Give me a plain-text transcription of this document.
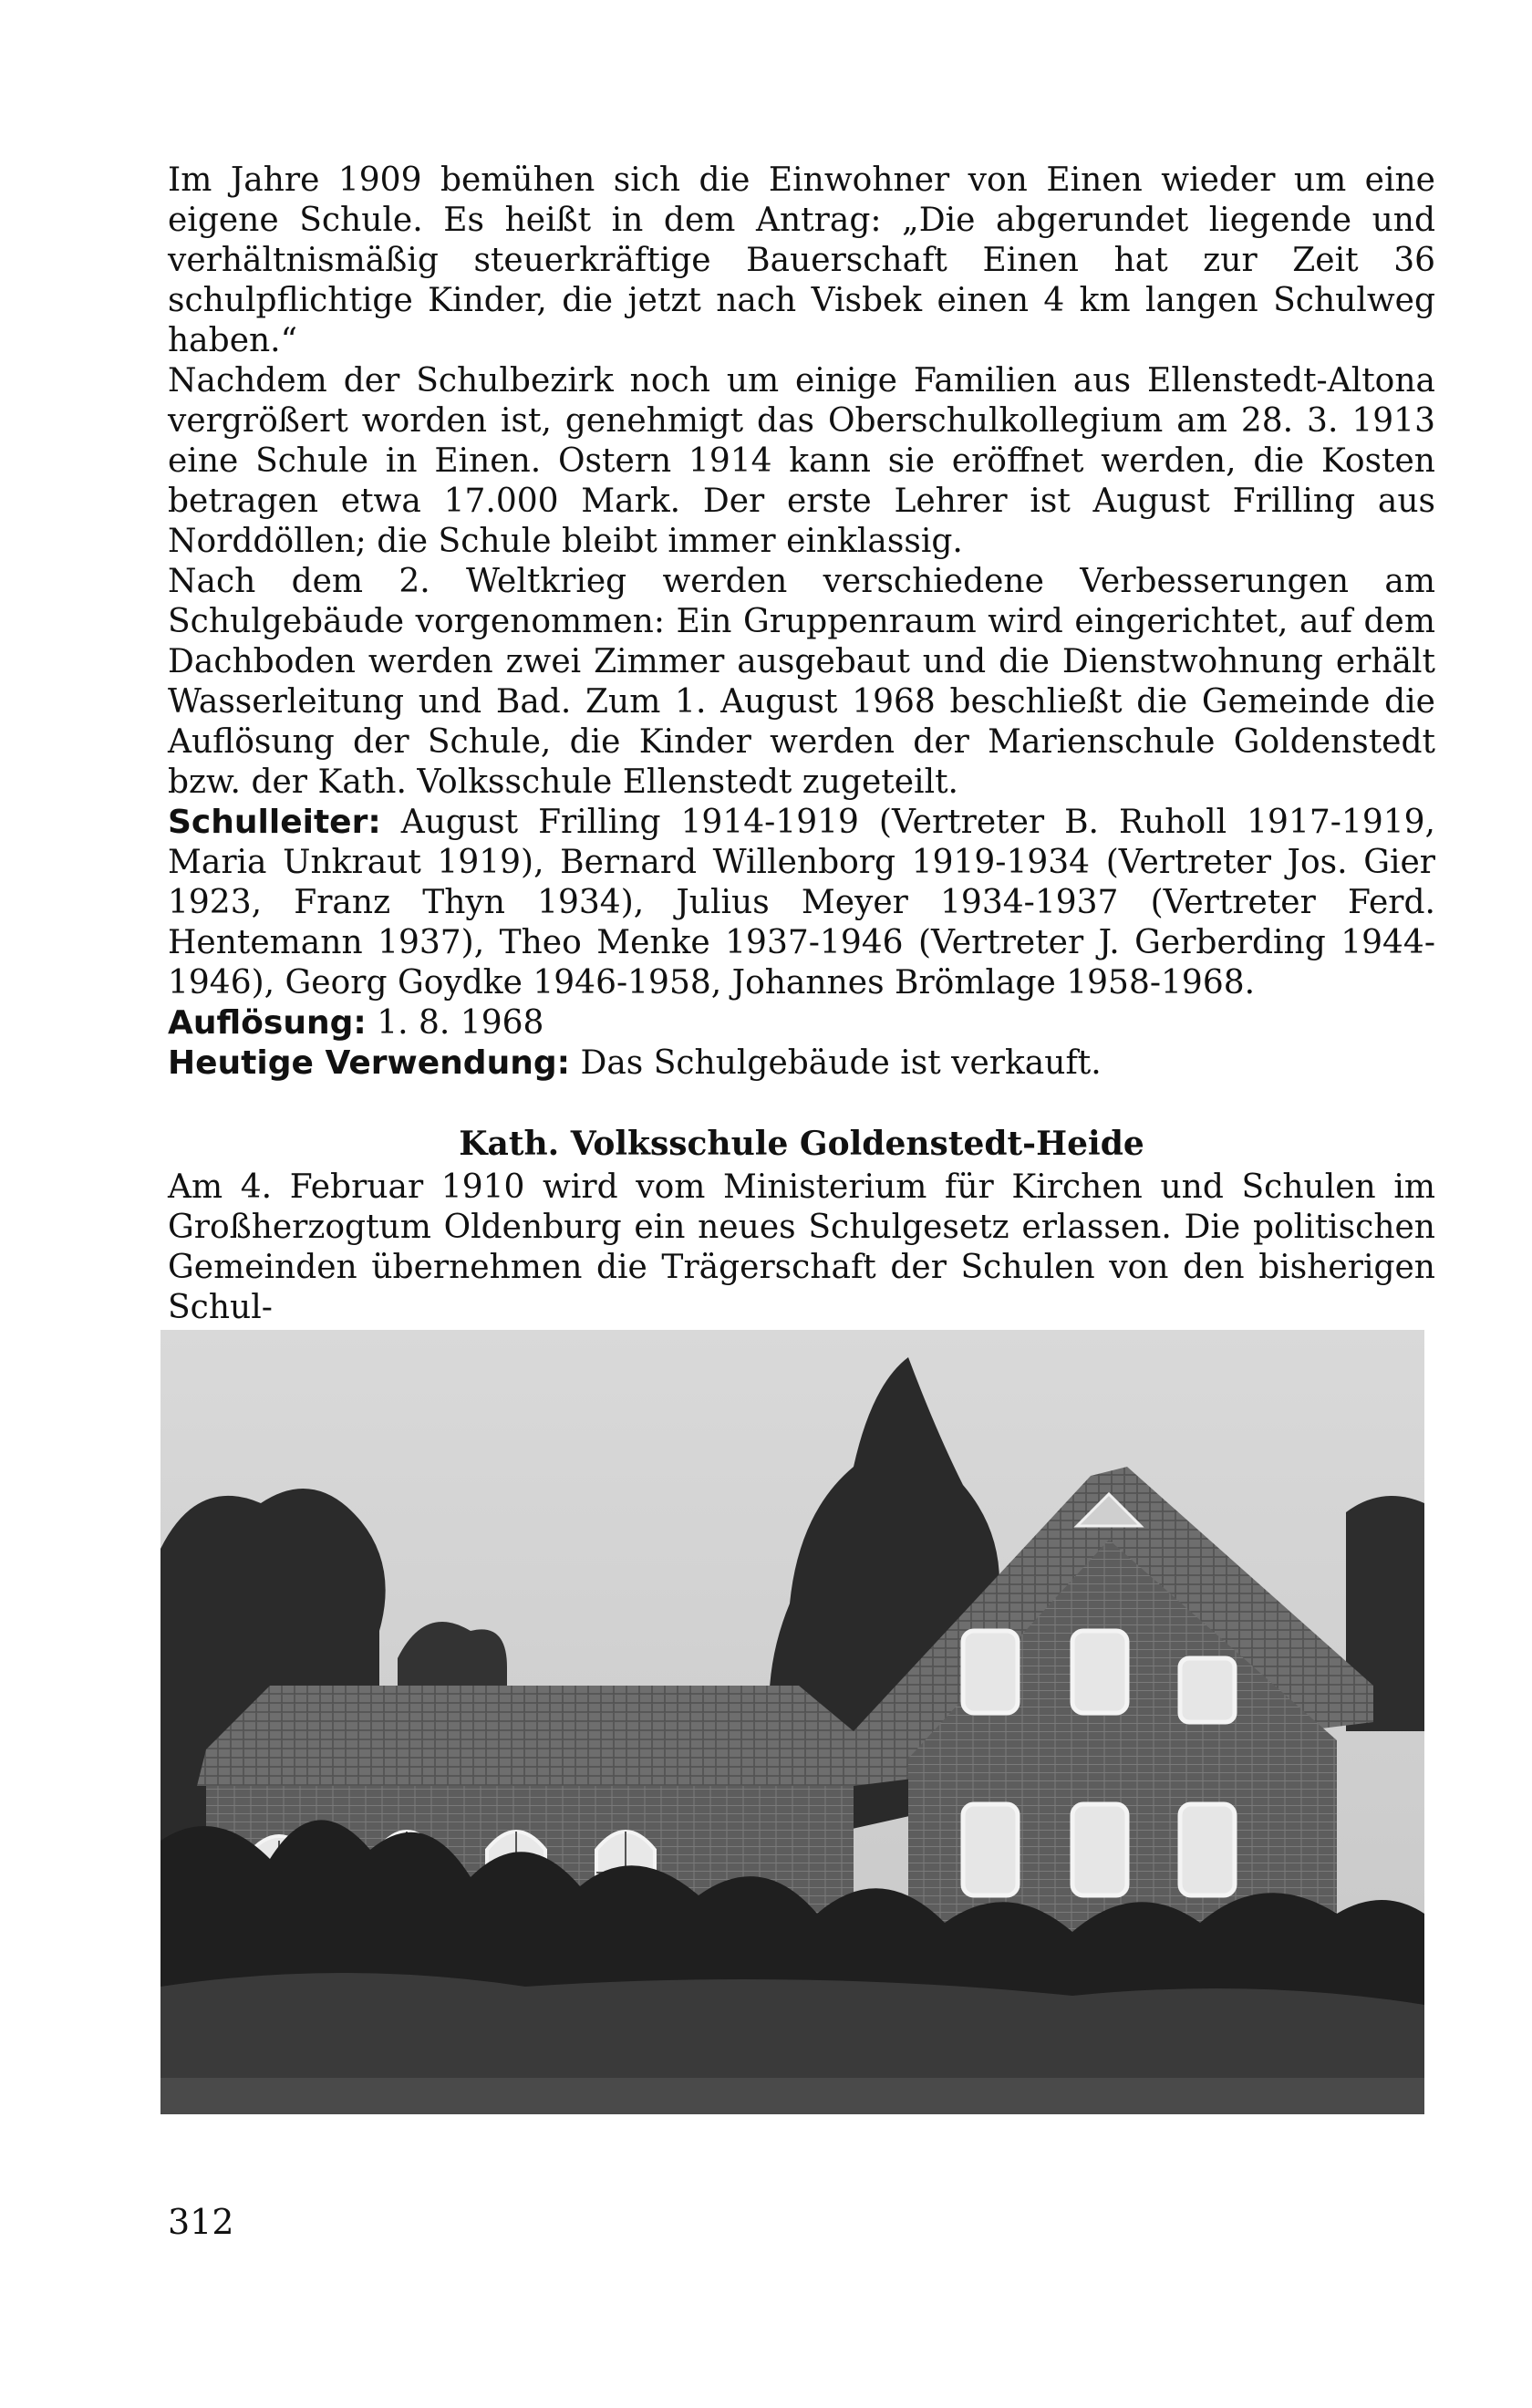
Im Jahre 1909 bemühen sich die Einwohner von Einen wieder um eine eigene Schule. Es heißt in dem Antrag: „Die abgerundet liegende und verhältnismäßig steuerkräftige Bauerschaft Einen hat zur Zeit 36 schulpflichtige Kinder, die jetzt nach Visbek einen 4 km langen Schulweg haben.“

Nachdem der Schulbezirk noch um einige Familien aus Ellenstedt-Altona vergrößert worden ist, genehmigt das Oberschulkollegium am 28. 3. 1913 eine Schule in Einen. Ostern 1914 kann sie eröffnet werden, die Kosten betragen etwa 17.000 Mark. Der erste Lehrer ist August Frilling aus Norddöllen; die Schule bleibt immer einklassig.

Nach dem 2. Weltkrieg werden verschiedene Verbesserungen am Schulgebäude vorgenommen: Ein Gruppenraum wird eingerichtet, auf dem Dachboden werden zwei Zimmer ausgebaut und die Dienstwohnung erhält Wasserleitung und Bad. Zum 1. August 1968 beschließt die Gemeinde die Auflösung der Schule, die Kinder werden der Marienschule Goldenstedt bzw. der Kath. Volksschule Ellenstedt zugeteilt.

Schulleiter: August Frilling 1914-1919 (Vertreter B. Ruholl 1917-1919, Maria Unkraut 1919), Bernard Willenborg 1919-1934 (Vertreter Jos. Gier 1923, Franz Thyn 1934), Julius Meyer 1934-1937 (Vertreter Ferd. Hentemann 1937), Theo Menke 1937-1946 (Vertreter J. Gerberding 1944-1946), Georg Goydke 1946-1958, Johannes Brömlage 1958-1968.

Auflösung: 1. 8. 1968

Heutige Verwendung: Das Schulgebäude ist verkauft.

Kath. Volksschule Goldenstedt-Heide

Am 4. Februar 1910 wird vom Ministerium für Kirchen und Schulen im Großherzogtum Oldenburg ein neues Schulgesetz erlassen. Die politischen Gemeinden übernehmen die Trägerschaft der Schulen von den bisherigen Schul-

312
